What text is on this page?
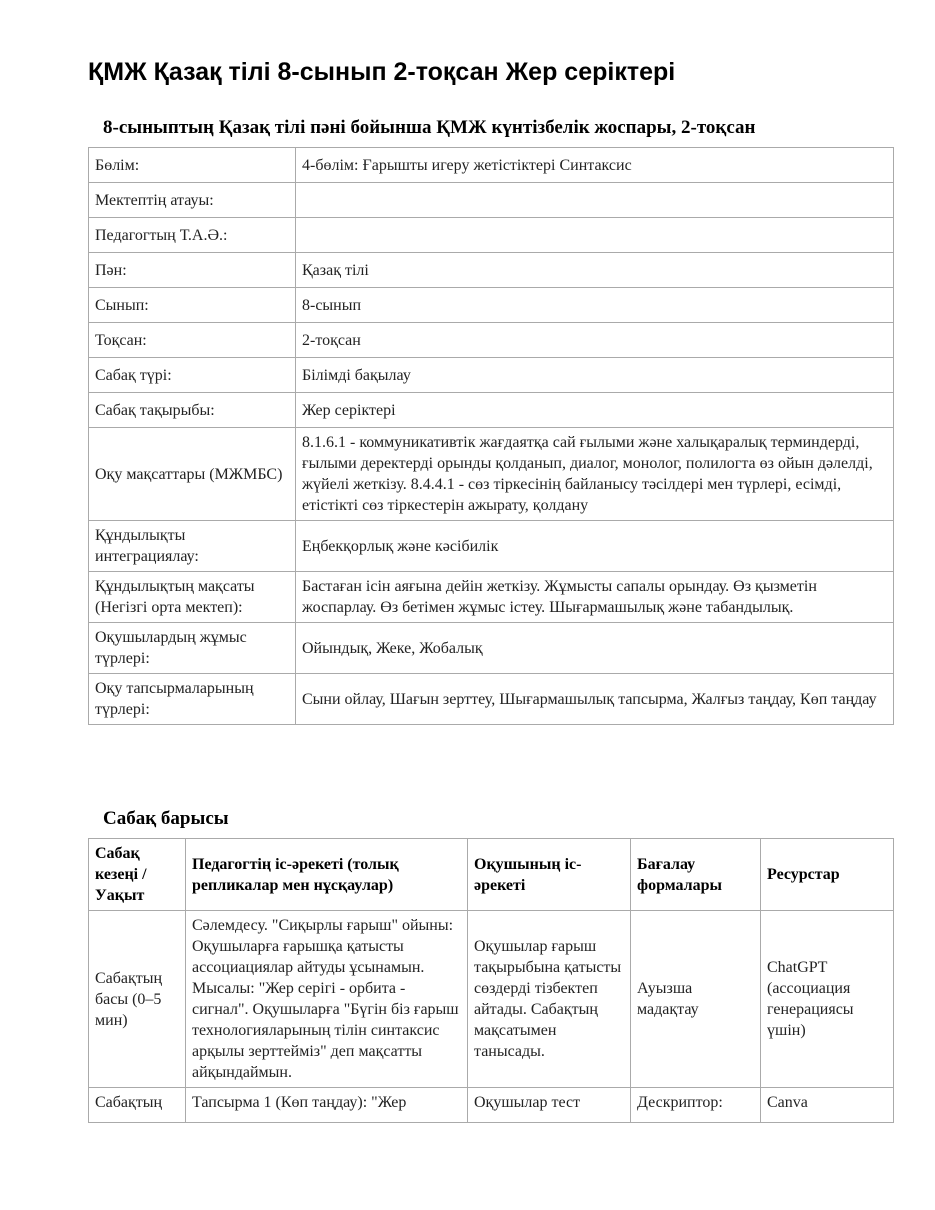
ҚМЖ Қазақ тілі 8-сынып 2-тоқсан Жер серіктері
8-сыныптың Қазақ тілі пәні бойынша ҚМЖ күнтізбелік жоспары, 2-тоқсан
Бөлім:	4-бөлім: Ғарышты игеру жетістіктері Синтаксис
Мектептің атауы:	
Педагогтың Т.А.Ә.:	
Пән:	Қазақ тілі
Сынып:	8-сынып
Тоқсан:	2-тоқсан
Сабақ түрі:	Білімді бақылау
Сабақ тақырыбы:	Жер серіктері
Оқу мақсаттары (МЖМБС)	8.1.6.1 - коммуникативтік жағдаятқа сай ғылыми және халықаралық терминдерді, ғылыми деректерді орынды қолданып, диалог, монолог, полилогта өз ойын дәлелді, жүйелі жеткізу. 8.4.4.1 - сөз тіркесінің байланысу тәсілдері мен түрлері, есімді, етістікті сөз тіркестерін ажырату, қолдану
Құндылықты интеграциялау:	Еңбекқорлық және кәсібилік
Құндылықтың мақсаты (Негізгі орта мектеп):	Бастаған ісін аяғына дейін жеткізу. Жұмысты сапалы орындау. Өз қызметін жоспарлау. Өз бетімен жұмыс істеу. Шығармашылық және табандылық.
Оқушылардың жұмыс түрлері:	Ойындық, Жеке, Жобалық
Оқу тапсырмаларының түрлері:	Сыни ойлау, Шағын зерттеу, Шығармашылық тапсырма, Жалғыз таңдау, Көп таңдау
Сабақ барысы
Сабақ кезеңі / Уақыт	Педагогтің іс-әрекеті (толық репликалар мен нұсқаулар)	Оқушының іс-әрекеті	Бағалау формалары	Ресурстар
Сабақтың басы (0–5 мин)	Сәлемдесу. "Сиқырлы ғарыш" ойыны: Оқушыларға ғарышқа қатысты ассоциациялар айтуды ұсынамын. Мысалы: "Жер серігі - орбита - сигнал". Оқушыларға "Бүгін біз ғарыш технологияларының тілін синтаксис арқылы зерттейміз" деп мақсатты айқындаймын.	Оқушылар ғарыш тақырыбына қатысты сөздерді тізбектеп айтады. Сабақтың мақсатымен танысады.	Ауызша мадақтау	ChatGPT (ассоциация генерациясы үшін)
Сабақтың	Тапсырма 1 (Көп таңдау): "Жер	Оқушылар тест	Дескриптор:	Canva
